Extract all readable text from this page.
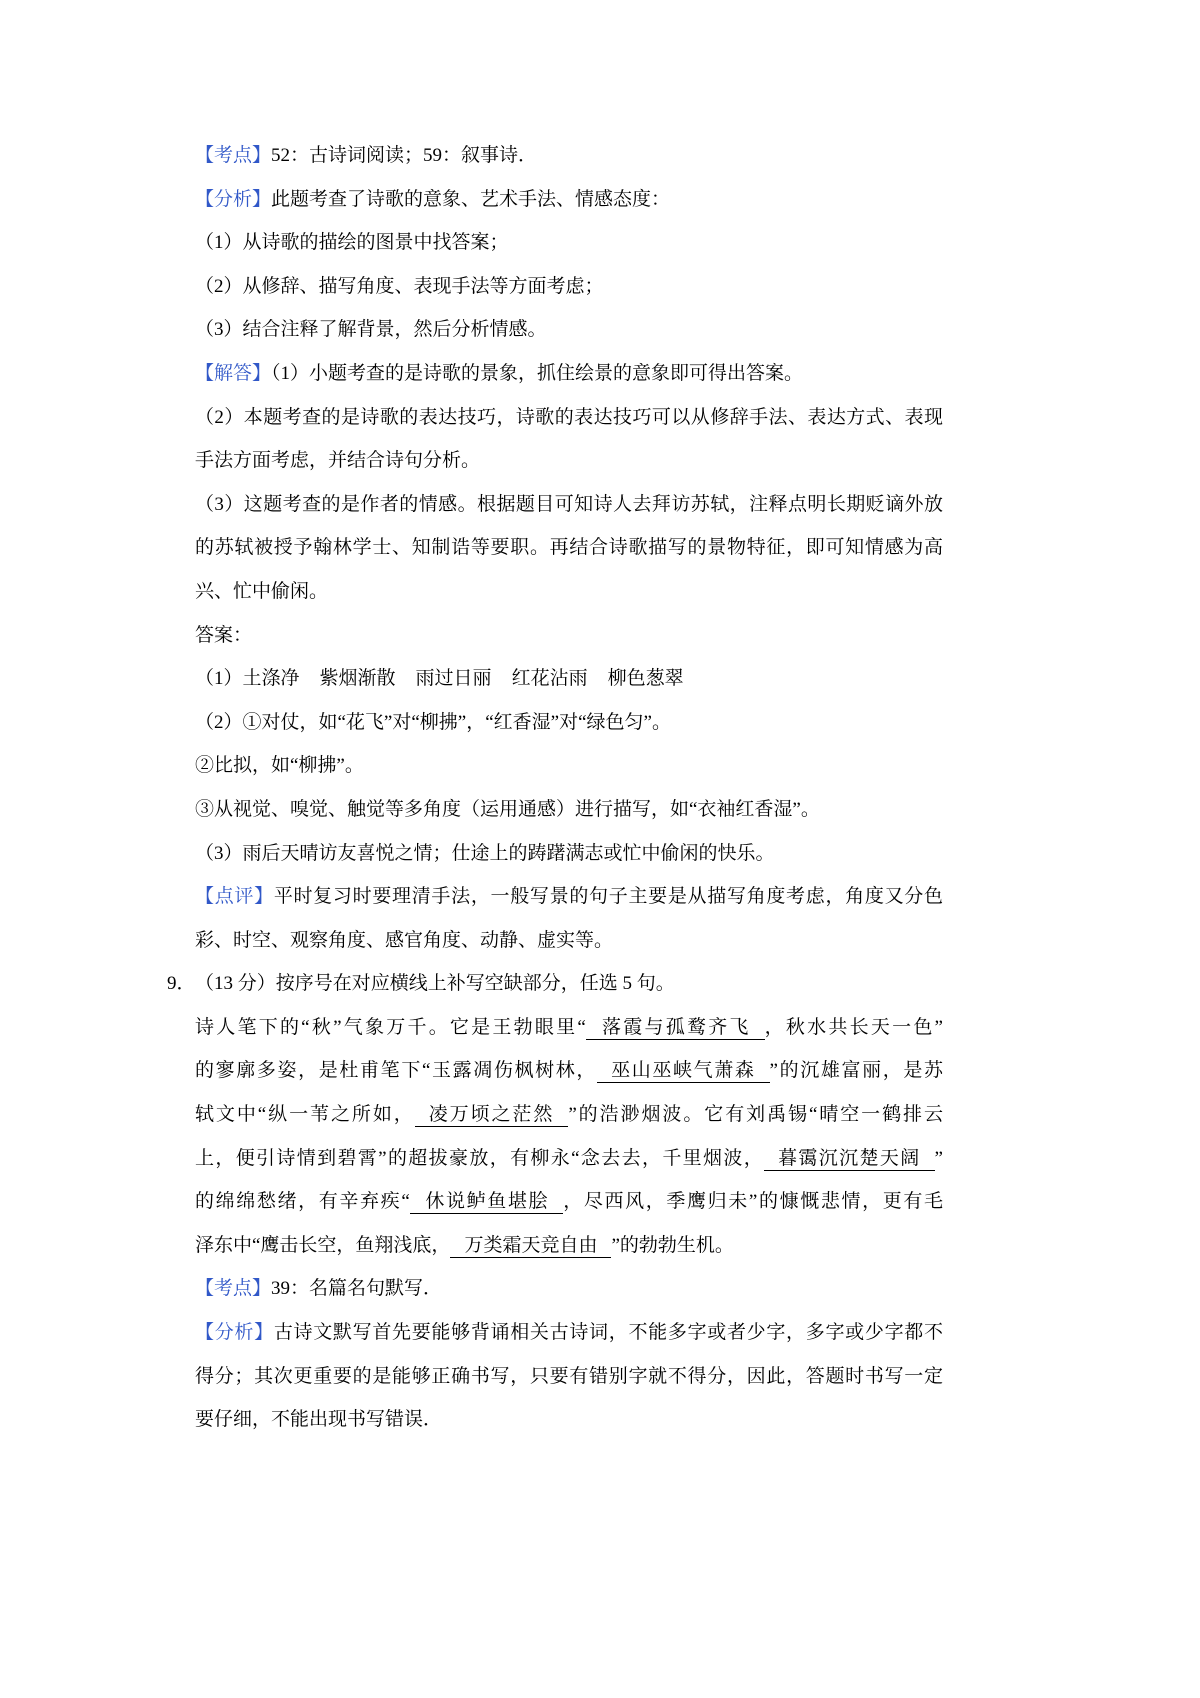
【考点】52：古诗词阅读；59：叙事诗．
【分析】此题考查了诗歌的意象、艺术手法、情感态度：
（1）从诗歌的描绘的图景中找答案；
（2）从修辞、描写角度、表现手法等方面考虑；
（3）结合注释了解背景，然后分析情感。
【解答】（1）小题考查的是诗歌的景象，抓住绘景的意象即可得出答案。
（2）本题考查的是诗歌的表达技巧，诗歌的表达技巧可以从修辞手法、表达方式、表现
手法方面考虑，并结合诗句分析。
（3）这题考查的是作者的情感。根据题目可知诗人去拜访苏轼，注释点明长期贬谪外放
的苏轼被授予翰林学士、知制诰等要职。再结合诗歌描写的景物特征，即可知情感为高
兴、忙中偷闲。
答案：
（1）土涤净 紫烟渐散 雨过日丽 红花沾雨 柳色葱翠
（2）①对仗，如“花飞”对“柳拂”，“红香湿”对“绿色匀”。
②比拟，如“柳拂”。
③从视觉、嗅觉、触觉等多角度（运用通感）进行描写，如“衣袖红香湿”。
（3）雨后天晴访友喜悦之情；仕途上的踌躇满志或忙中偷闲的快乐。
【点评】平时复习时要理清手法，一般写景的句子主要是从描写角度考虑，角度又分色
彩、时空、观察角度、感官角度、动静、虚实等。
9．（13 分）按序号在对应横线上补写空缺部分，任选 5 句。
诗人笔下的“秋”气象万千。它是王勃眼里“ 落霞与孤鹜齐飞 ，秋水共长天一色”
的寥廓多姿，是杜甫笔下“玉露凋伤枫树林， 巫山巫峡气萧森 ”的沉雄富丽，是苏
轼文中“纵一苇之所如， 凌万顷之茫然 ”的浩渺烟波。它有刘禹锡“晴空一鹤排云
上，便引诗情到碧霄”的超拔豪放，有柳永“念去去，千里烟波， 暮霭沉沉楚天阔 ”
的绵绵愁绪，有辛弃疾“ 休说鲈鱼堪脍 ，尽西风，季鹰归未”的慷慨悲情，更有毛
泽东中“鹰击长空，鱼翔浅底， 万类霜天竞自由 ”的勃勃生机。
【考点】39：名篇名句默写．
【分析】古诗文默写首先要能够背诵相关古诗词，不能多字或者少字，多字或少字都不
得分；其次更重要的是能够正确书写，只要有错别字就不得分，因此，答题时书写一定
要仔细，不能出现书写错误．
